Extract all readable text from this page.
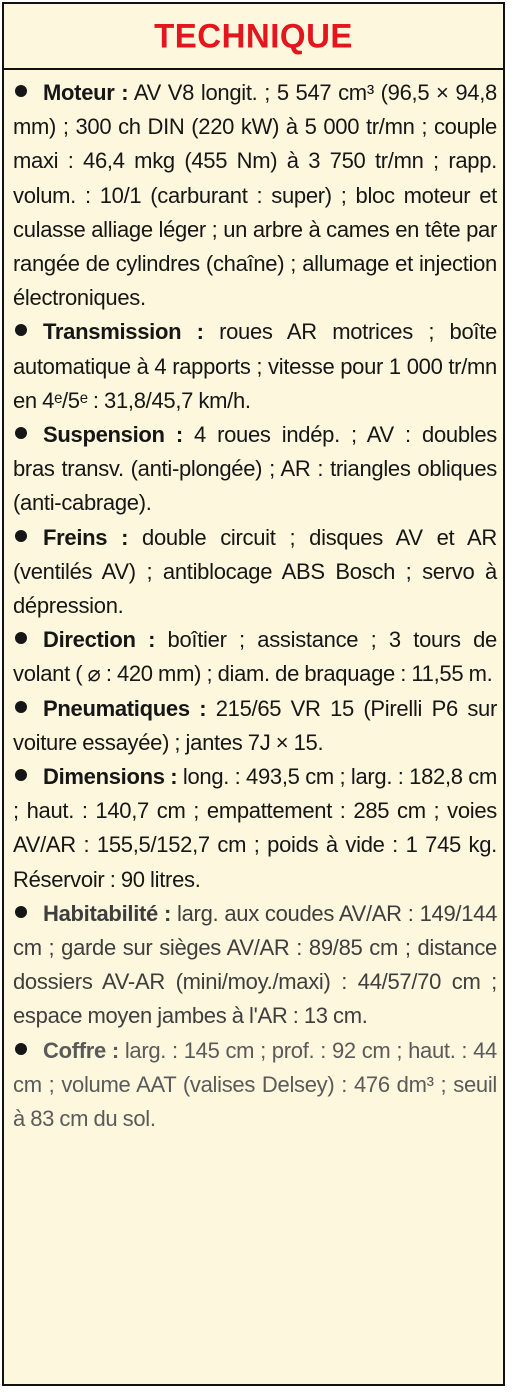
TECHNIQUE
Moteur : AV V8 longit. ; 5 547 cm³ (96,5 × 94,8 mm) ; 300 ch DIN (220 kW) à 5 000 tr/mn ; couple maxi : 46,4 mkg (455 Nm) à 3 750 tr/mn ; rapp. volum. : 10/1 (carburant : super) ; bloc moteur et culasse alliage léger ; un arbre à cames en tête par rangée de cylindres (chaîne) ; allumage et injection électroniques.
Transmission : roues AR motrices ; boîte automatique à 4 rapports ; vitesse pour 1 000 tr/mn en 4ᵉ/5ᵉ : 31,8/45,7 km/h.
Suspension : 4 roues indép. ; AV : doubles bras transv. (anti-plongée) ; AR : triangles obliques (anti-cabrage).
Freins : double circuit ; disques AV et AR (ventilés AV) ; antiblocage ABS Bosch ; servo à dépression.
Direction : boîtier ; assistance ; 3 tours de volant ( ⌀ : 420 mm) ; diam. de braquage : 11,55 m.
Pneumatiques : 215/65 VR 15 (Pirelli P6 sur voiture essayée) ; jantes 7J × 15.
Dimensions : long. : 493,5 cm ; larg. : 182,8 cm ; haut. : 140,7 cm ; empattement : 285 cm ; voies AV/AR : 155,5/152,7 cm ; poids à vide : 1 745 kg. Réservoir : 90 litres.
Habitabilité : larg. aux coudes AV/AR : 149/144 cm ; garde sur sièges AV/AR : 89/85 cm ; distance dossiers AV-AR (mini/moy./maxi) : 44/57/70 cm ; espace moyen jambes à l'AR : 13 cm.
Coffre : larg. : 145 cm ; prof. : 92 cm ; haut. : 44 cm ; volume AAT (valises Delsey) : 476 dm³ ; seuil à 83 cm du sol.
